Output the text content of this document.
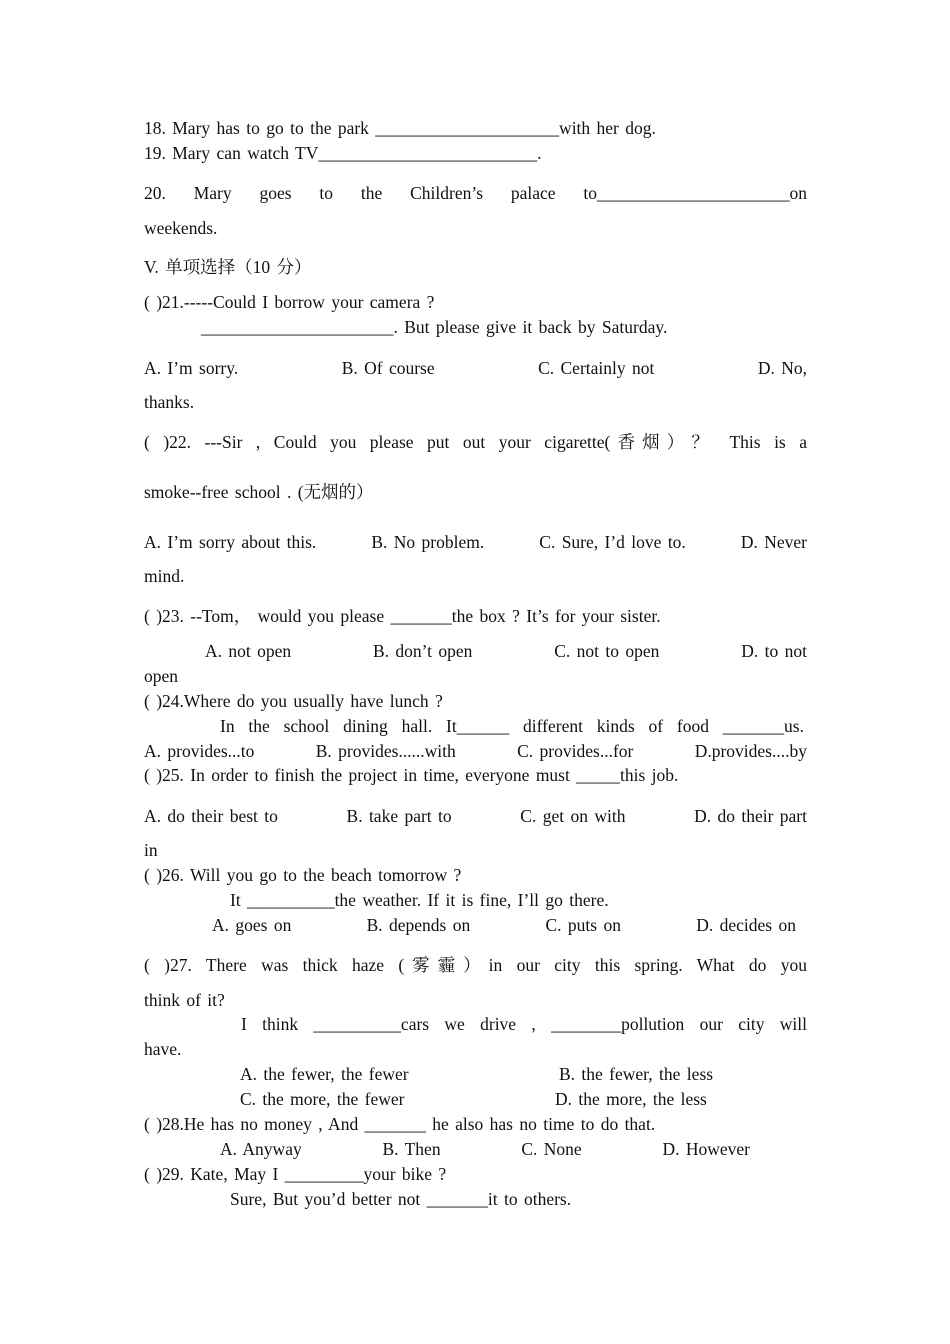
18. Mary has to go to the park _____________________with her dog.
19. Mary can watch TV_________________________.
20. Mary goes to the Children’s palace to______________________on
weekends.
V. 单项选择（10 分）
( )21.-----Could I borrow your camera ?
______________________. But please give it back by Saturday.
A. I’m sorry.	B. Of course	C. Certainly not	D. No,
thanks.
( )22. ---Sir , Could you please put out your cigarette(香烟）？ This is a
smoke--free school . (无烟的）
A. I’m sorry about this.	B. No problem.	C. Sure, I’d love to.	D. Never
mind.
( )23. --Tom， would you please _______the box ? It’s for your sister.
A. not open	B. don’t open	C. not to open	D. to not
open
( )24.Where do you usually have lunch ?
In the school dining hall. It______ different kinds of food _______us.
A. provides...to	B. provides......with	C. provides...for	D.provides....by
( )25. In order to finish the project in time, everyone must _____this job.
A. do their best to	B. take part to	C. get on with	D. do their part
in
( )26. Will you go to the beach tomorrow ?
It __________the weather. If it is fine, I’ll go there.
A. goes on	B. depends on	C. puts on	D. decides on
( )27. There was thick haze (雾霾）in our city this spring. What do you
think of it?
I think __________cars we drive , ________pollution our city will
have.
A. the fewer, the fewer	B. the fewer, the less
C. the more, the fewer	D. the more, the less
( )28.He has no money , And _______ he also has no time to do that.
A. Anyway	B. Then	C. None	D. However
( )29. Kate, May I _________your bike ?
Sure, But you’d better not _______it to others.
